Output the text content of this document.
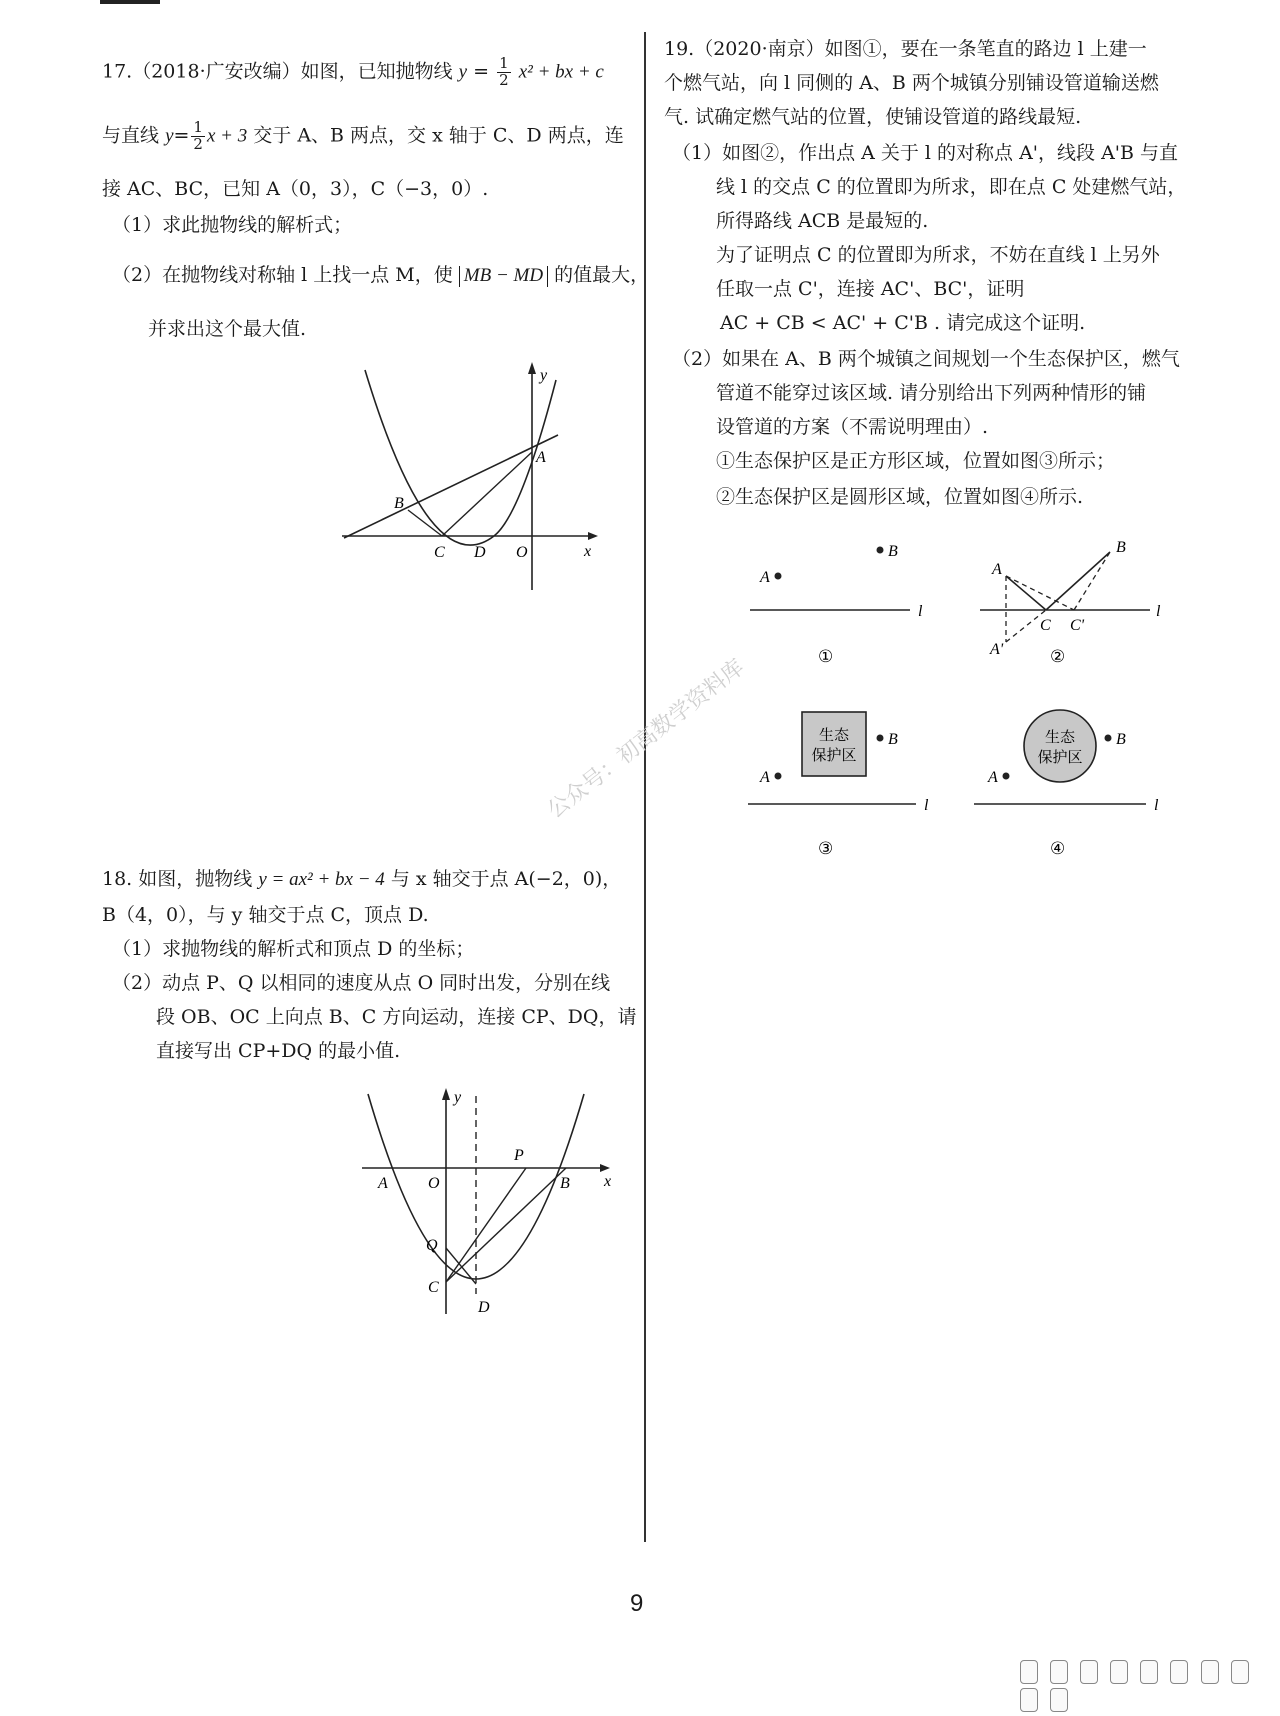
17.（2018·广安改编）如图，已知抛物线 $y = \frac{1}{2} x^2$ + bx + c
与直线 $y= \frac{1}{2}$ x + 3 交于 A、B 两点，交 x 轴于 C、D 两点，连
接 AC、BC，已知 A（0，3），C（−3，0）.
（1）求此抛物线的解析式；
（2）在抛物线对称轴 l 上找一点 M，使 MB − MD 的值最大，
并求出这个最大值.
y
x
A
B
C D O
18. 如图，抛物线 y = ax² + bx − 4 与 x 轴交于点 A(−2，0)，
B（4，0），与 y 轴交于点 C，顶点 D.
（1）求抛物线的解析式和顶点 D 的坐标；
（2）动点 P、Q 以相同的速度从点 O 同时出发，分别在线
段 OB、OC 上向点 B、C 方向运动，连接 CP、DQ，请
直接写出 CP+DQ 的最小值.
y
x
A	O
P
B
Q
C
D
19.（2020·南京）如图①，要在一条笔直的路边 l 上建一
个燃气站，向 l 同侧的 A、B 两个城镇分别铺设管道输送燃
气. 试确定燃气站的位置，使铺设管道的路线最短.
（1）如图②，作出点 A 关于 l 的对称点 A'，线段 A'B 与直
线 l 的交点 C 的位置即为所求，即在点 C 处建燃气站，
所得路线 ACB 是最短的.
为了证明点 C 的位置即为所求，不妨在直线 l 上另外
任取一点 C'，连接 AC'、BC'，证明
AC + CB < AC' + C'B . 请完成这个证明.
（2）如果在 A、B 两个城镇之间规划一个生态保护区，燃气
管道不能穿过该区域. 请分别给出下列两种情形的铺
设管道的方案（不需说明理由）.
①生态保护区是正方形区域，位置如图③所示；
②生态保护区是圆形区域，位置如图④所示.
A
B
l
①
A
B
C C'
A'
l
②
生态
保护区
A
B
l
③
生态
保护区
A
B
l
④
公众号：初高数学资料库
9
